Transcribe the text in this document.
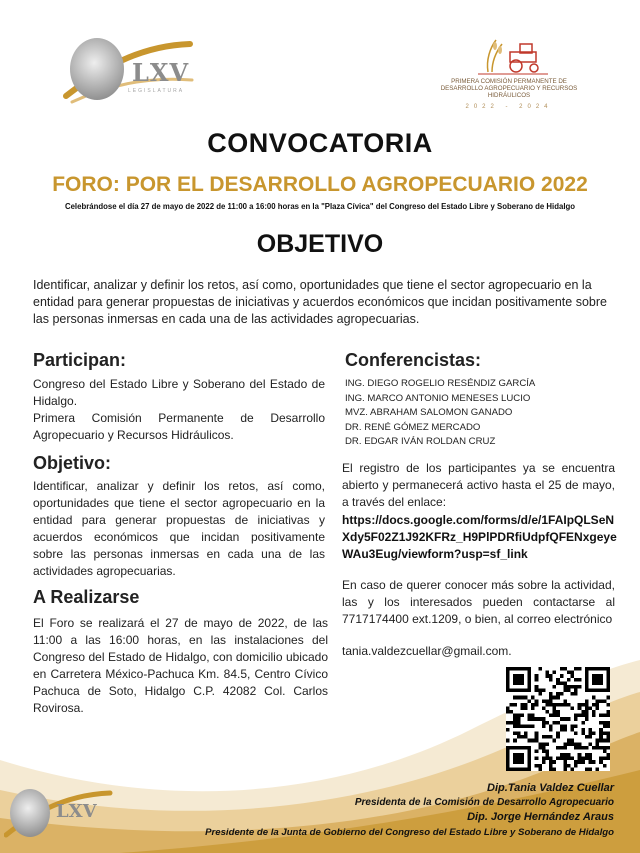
LXV
LEGISLATURA
PRIMERA COMISIÓN PERMANENTE DE DESARROLLO AGROPECUARIO Y RECURSOS HIDRÁULICOS
2022 - 2024
CONVOCATORIA
FORO: POR EL DESARROLLO AGROPECUARIO 2022
Celebrándose el día 27 de mayo de 2022 de 11:00 a 16:00 horas en la "Plaza Cívica" del Congreso del Estado Libre y Soberano de Hidalgo
OBJETIVO
Identificar, analizar y definir los retos, así como, oportunidades que tiene el sector agropecuario en la entidad para generar propuestas de iniciativas y acuerdos económicos que incidan positivamente sobre las personas inmersas en cada una de las actividades agropecuarias.
Participan:
Congreso del Estado Libre y Soberano del Estado de Hidalgo.
Primera Comisión Permanente de Desarrollo Agropecuario y Recursos Hidráulicos.
Objetivo:
Identificar, analizar y definir los retos, así como, oportunidades que tiene el sector agropecuario en la entidad para generar propuestas de iniciativas y acuerdos económicos que incidan positivamente sobre las personas inmersas en cada una de las actividades agropecuarias.
A Realizarse
El Foro se realizará el 27 de mayo de 2022, de las 11:00 a las 16:00 horas, en las instalaciones del Congreso del Estado de Hidalgo, con domicilio ubicado en Carretera México-Pachuca Km. 84.5, Centro Cívico Pachuca de Soto, Hidalgo C.P. 42082 Col. Carlos Rovirosa.
Conferencistas:
ING. DIEGO ROGELIO RESÉNDIZ GARCÍA
ING. MARCO ANTONIO MENESES LUCIO
MVZ. ABRAHAM SALOMON GANADO
DR. RENÉ GÓMEZ MERCADO
DR. EDGAR IVÁN ROLDAN CRUZ
El registro de los participantes ya se encuentra abierto y permanecerá activo hasta el 25 de mayo, a través del enlace:
https://docs.google.com/forms/d/e/1FAIpQLSeNXdy5F02Z1J92KFRz_H9PlPDRfiUdpfQFENxgeyeWAu3Eug/viewform?usp=sf_link
En caso de querer conocer más sobre la actividad, las y los interesados pueden contactarse al 7717174400 ext.1209, o bien, al correo electrónico
tania.valdezcuellar@gmail.com.
LXV
Dip.Tania Valdez Cuellar
Presidenta de la Comisión de Desarrollo Agropecuario
Dip. Jorge Hernández Araus
Presidente de la Junta de Gobierno del Congreso del Estado Libre y Soberano de Hidalgo
